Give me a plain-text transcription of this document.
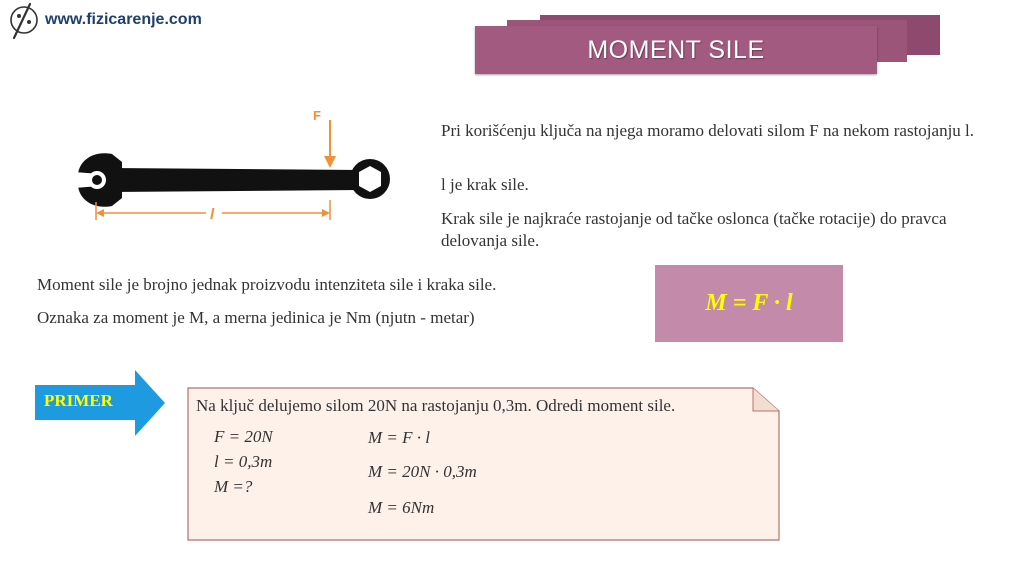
www.fizicarenje.com
MOMENT SILE
F
l
Pri korišćenju ključa na njega moramo delovati silom F na nekom rastojanju l.
l je krak sile.
Krak sile je najkraće rastojanje od tačke oslonca (tačke rotacije) do pravca delovanja sile.
Moment sile je brojno jednak proizvodu intenziteta sile i kraka sile.
Oznaka za moment je M, a merna jedinica je Nm (njutn - metar)
M = F · l
PRIMER	Na ključ delujemo silom 20N na rastojanju 0,3m. Odredi moment sile.
F = 20N
l = 0,3m
M =?
M = F · l
M = 20N · 0,3m
M = 6Nm
